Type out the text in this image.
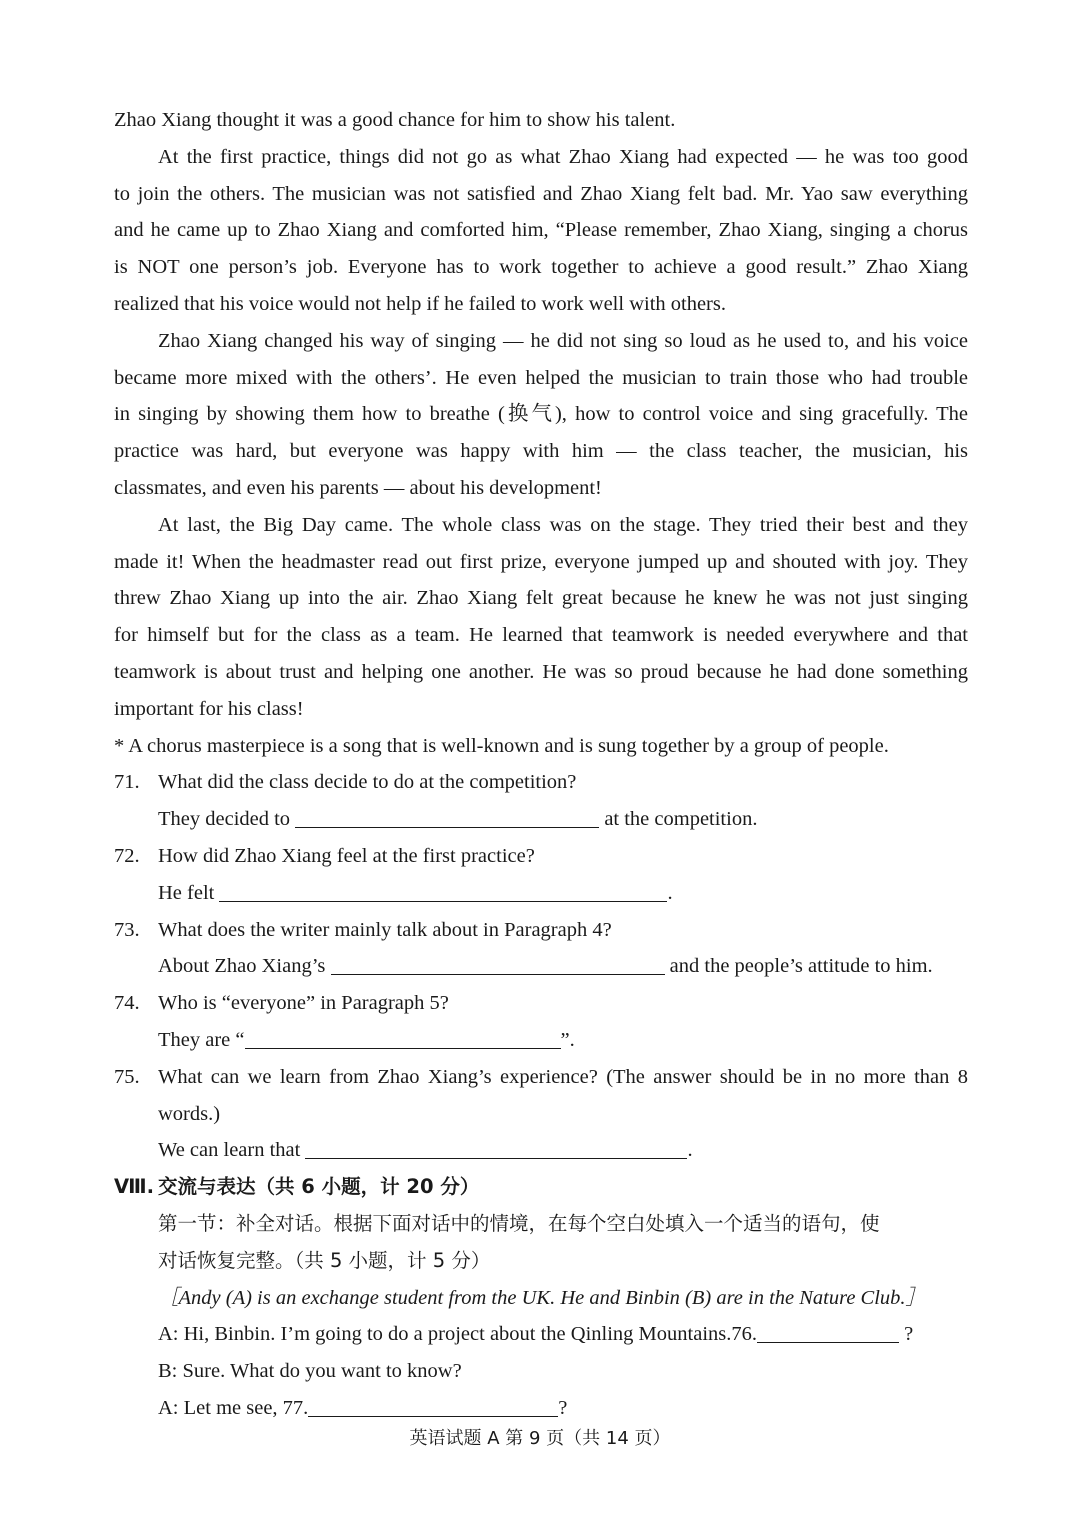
Zhao Xiang thought it was a good chance for him to show his talent.
At the first practice, things did not go as what Zhao Xiang had expected — he was too good
to join the others. The musician was not satisfied and Zhao Xiang felt bad. Mr. Yao saw everything
and he came up to Zhao Xiang and comforted him, “Please remember, Zhao Xiang, singing a chorus
is NOT one person’s job. Everyone has to work together to achieve a good result.” Zhao Xiang
realized that his voice would not help if he failed to work well with others.
Zhao Xiang changed his way of singing — he did not sing so loud as he used to, and his voice
became more mixed with the others’. He even helped the musician to train those who had trouble
in singing by showing them how to breathe (换气), how to control voice and sing gracefully. The
practice was hard, but everyone was happy with him — the class teacher, the musician, his
classmates, and even his parents — about his development!
At last, the Big Day came. The whole class was on the stage. They tried their best and they
made it! When the headmaster read out first prize, everyone jumped up and shouted with joy. They
threw Zhao Xiang up into the air. Zhao Xiang felt great because he knew he was not just singing
for himself but for the class as a team. He learned that teamwork is needed everywhere and that
teamwork is about trust and helping one another. He was so proud because he had done something
important for his class!
* A chorus masterpiece is a song that is well-known and is sung together by a group of people.
71. What did the class decide to do at the competition?
They decided to	at the competition.
72. How did Zhao Xiang feel at the first practice?
He felt	.
73. What does the writer mainly talk about in Paragraph 4?
About Zhao Xiang’s	and the people’s attitude to him.
74. Who is “everyone” in Paragraph 5?
They are “	”.
75. What can we learn from Zhao Xiang’s experience? (The answer should be in no more than 8
words.)
We can learn that	.
Ⅷ. 交流与表达（共 6 小题，计 20 分）
第一节：补全对话。根据下面对话中的情境，在每个空白处填入一个适当的语句，使
对话恢复完整。（共 5 小题，计 5 分）
［Andy (A) is an exchange student from the UK. He and Binbin (B) are in the Nature Club.］
A: Hi, Binbin. I’m going to do a project about the Qinling Mountains.76.	?
B: Sure. What do you want to know?
A: Let me see, 77.	?
英语试题 A 第 9 页（共 14 页）
